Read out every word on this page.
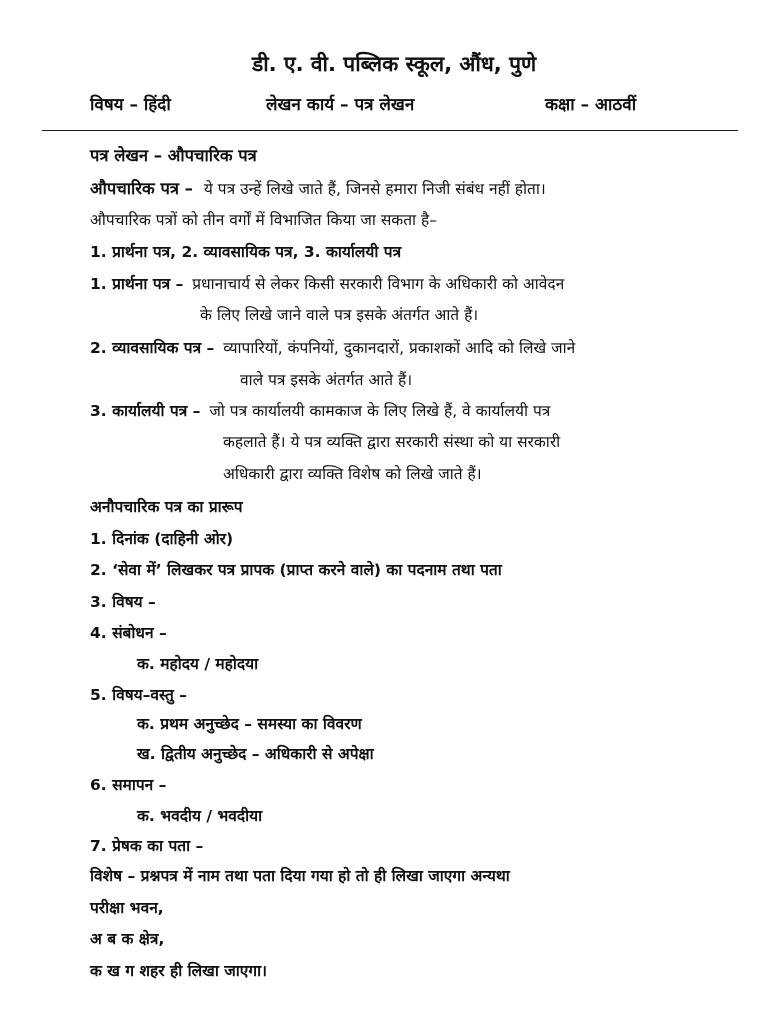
डी. ए. वी. पब्लिक स्कूल, औंध, पुणे
विषय – हिंदी	लेखन कार्य – पत्र लेखन	कक्षा – आठवीं
पत्र लेखन – औपचारिक पत्र
औपचारिक पत्र – ये पत्र उन्हें लिखे जाते हैं, जिनसे हमारा निजी संबंध नहीं होता।
औपचारिक पत्रों को तीन वर्गों में विभाजित किया जा सकता है–
1. प्रार्थना पत्र, 2. व्यावसायिक पत्र, 3. कार्यालयी पत्र
1. प्रार्थना पत्र – प्रधानाचार्य से लेकर किसी सरकारी विभाग के अधिकारी को आवेदन
के लिए लिखे जाने वाले पत्र इसके अंतर्गत आते हैं।
2. व्यावसायिक पत्र – व्यापारियों, कंपनियों, दुकानदारों, प्रकाशकों आदि को लिखे जाने
वाले पत्र इसके अंतर्गत आते हैं।
3. कार्यालयी पत्र – जो पत्र कार्यालयी कामकाज के लिए लिखे हैं, वे कार्यालयी पत्र
कहलाते हैं। ये पत्र व्यक्ति द्वारा सरकारी संस्था को या सरकारी
अधिकारी द्वारा व्यक्ति विशेष को लिखे जाते हैं।
अनौपचारिक पत्र का प्रारूप
1. दिनांक (दाहिनी ओर)
2. ‘सेवा में’ लिखकर पत्र प्रापक (प्राप्त करने वाले) का पदनाम तथा पता
3. विषय –
4. संबोधन –
क. महोदय / महोदया
5. विषय–वस्तु –
क. प्रथम अनुच्छेद – समस्या का विवरण
ख. द्वितीय अनुच्छेद – अधिकारी से अपेक्षा
6. समापन –
क. भवदीय / भवदीया
7. प्रेषक का पता –
विशेष – प्रश्नपत्र में नाम तथा पता दिया गया हो तो ही लिखा जाएगा अन्यथा
परीक्षा भवन,
अ ब क क्षेत्र,
क ख ग शहर ही लिखा जाएगा।
